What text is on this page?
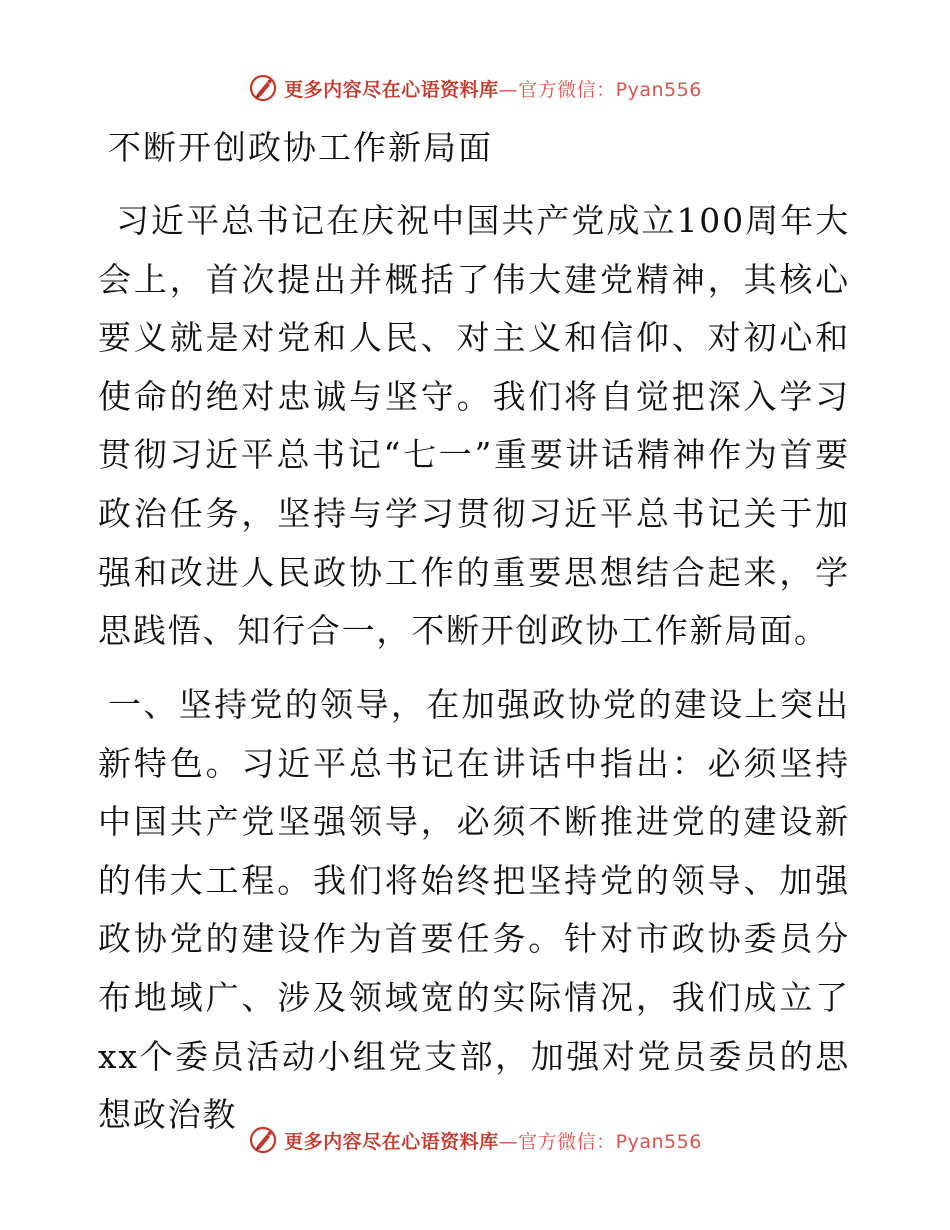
更多内容尽在心语资料库—官方微信：Pyan556
不断开创政协工作新局面

习近平总书记在庆祝中国共产党成立100周年大会上，首次提出并概括了伟大建党精神，其核心要义就是对党和人民、对主义和信仰、对初心和使命的绝对忠诚与坚守。我们将自觉把深入学习贯彻习近平总书记“七一”重要讲话精神作为首要政治任务，坚持与学习贯彻习近平总书记关于加强和改进人民政协工作的重要思想结合起来，学思践悟、知行合一，不断开创政协工作新局面。

一、坚持党的领导，在加强政协党的建设上突出新特色。习近平总书记在讲话中指出：必须坚持中国共产党坚强领导，必须不断推进党的建设新的伟大工程。我们将始终把坚持党的领导、加强政协党的建设作为首要任务。针对市政协委员分布地域广、涉及领域宽的实际情况，我们成立了xx个委员活动小组党支部，加强对党员委员的思想政治教

更多内容尽在心语资料库—官方微信：Pyan556
